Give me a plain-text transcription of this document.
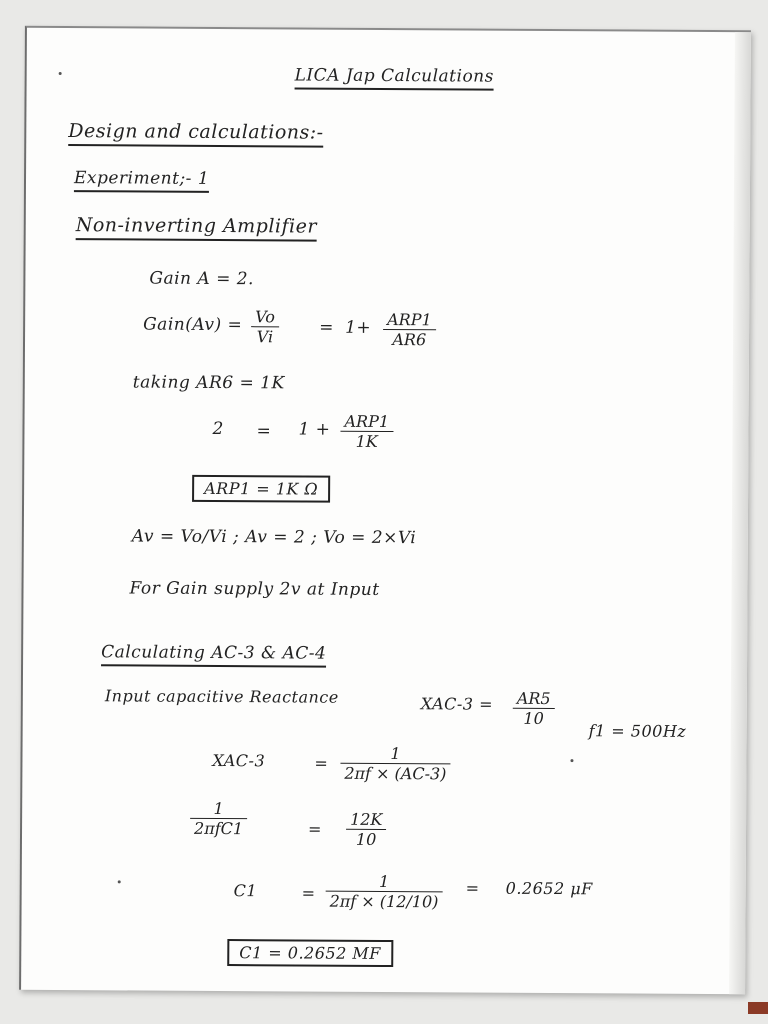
LICA Jap Calculations
Design and calculations:-
Experiment;- 1
Non-inverting Amplifier
Gain A = 2.
Gain(Av) = $\frac{Vo}{Vi} = 1+ ARP1$
AR6
taking AR6 = 1K
2 = 1 + ARP1
1K
ARP1 = 1K Ω
Av = Vo/Vi ; Av = 2 ; Vo = 2×Vi
For Gain supply 2v at Input
Calculating AC-3 & AC-4
Input capacitive Reactance	$XAC-3 = \frac{AR5}{10}$
f1 = 500Hz
XAC-3	= $\frac{1}{2\pi f \times (AC-3)}$
1
2πfC1	= $\frac{12K}{10}$
C1	= $\frac{1}{2\pi f \times (12/10)} = 0.2652$ μF
C1 = 0.2652 MF
